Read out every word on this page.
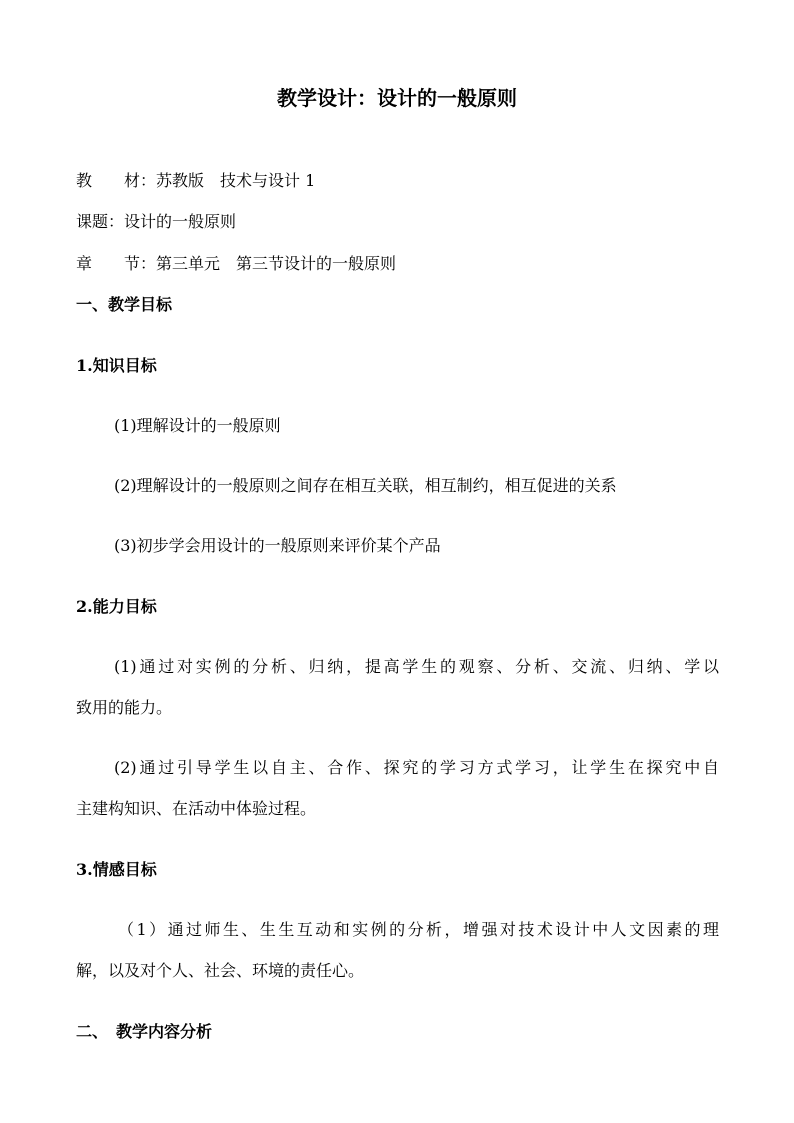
教学设计：设计的一般原则
教　　材：苏教版　技术与设计 1
课题：设计的一般原则
章　　节：第三单元　第三节设计的一般原则
一、教学目标
1.知识目标
(1)理解设计的一般原则
(2)理解设计的一般原则之间存在相互关联，相互制约，相互促进的关系
(3)初步学会用设计的一般原则来评价某个产品
2.能力目标
(1)通过对实例的分析、归纳，提高学生的观察、分析、交流、归纳、学以
致用的能力。
(2)通过引导学生以自主、合作、探究的学习方式学习，让学生在探究中自
主建构知识、在活动中体验过程。
3.情感目标
（1）通过师生、生生互动和实例的分析，增强对技术设计中人文因素的理
解，以及对个人、社会、环境的责任心。
二、　教学内容分析
